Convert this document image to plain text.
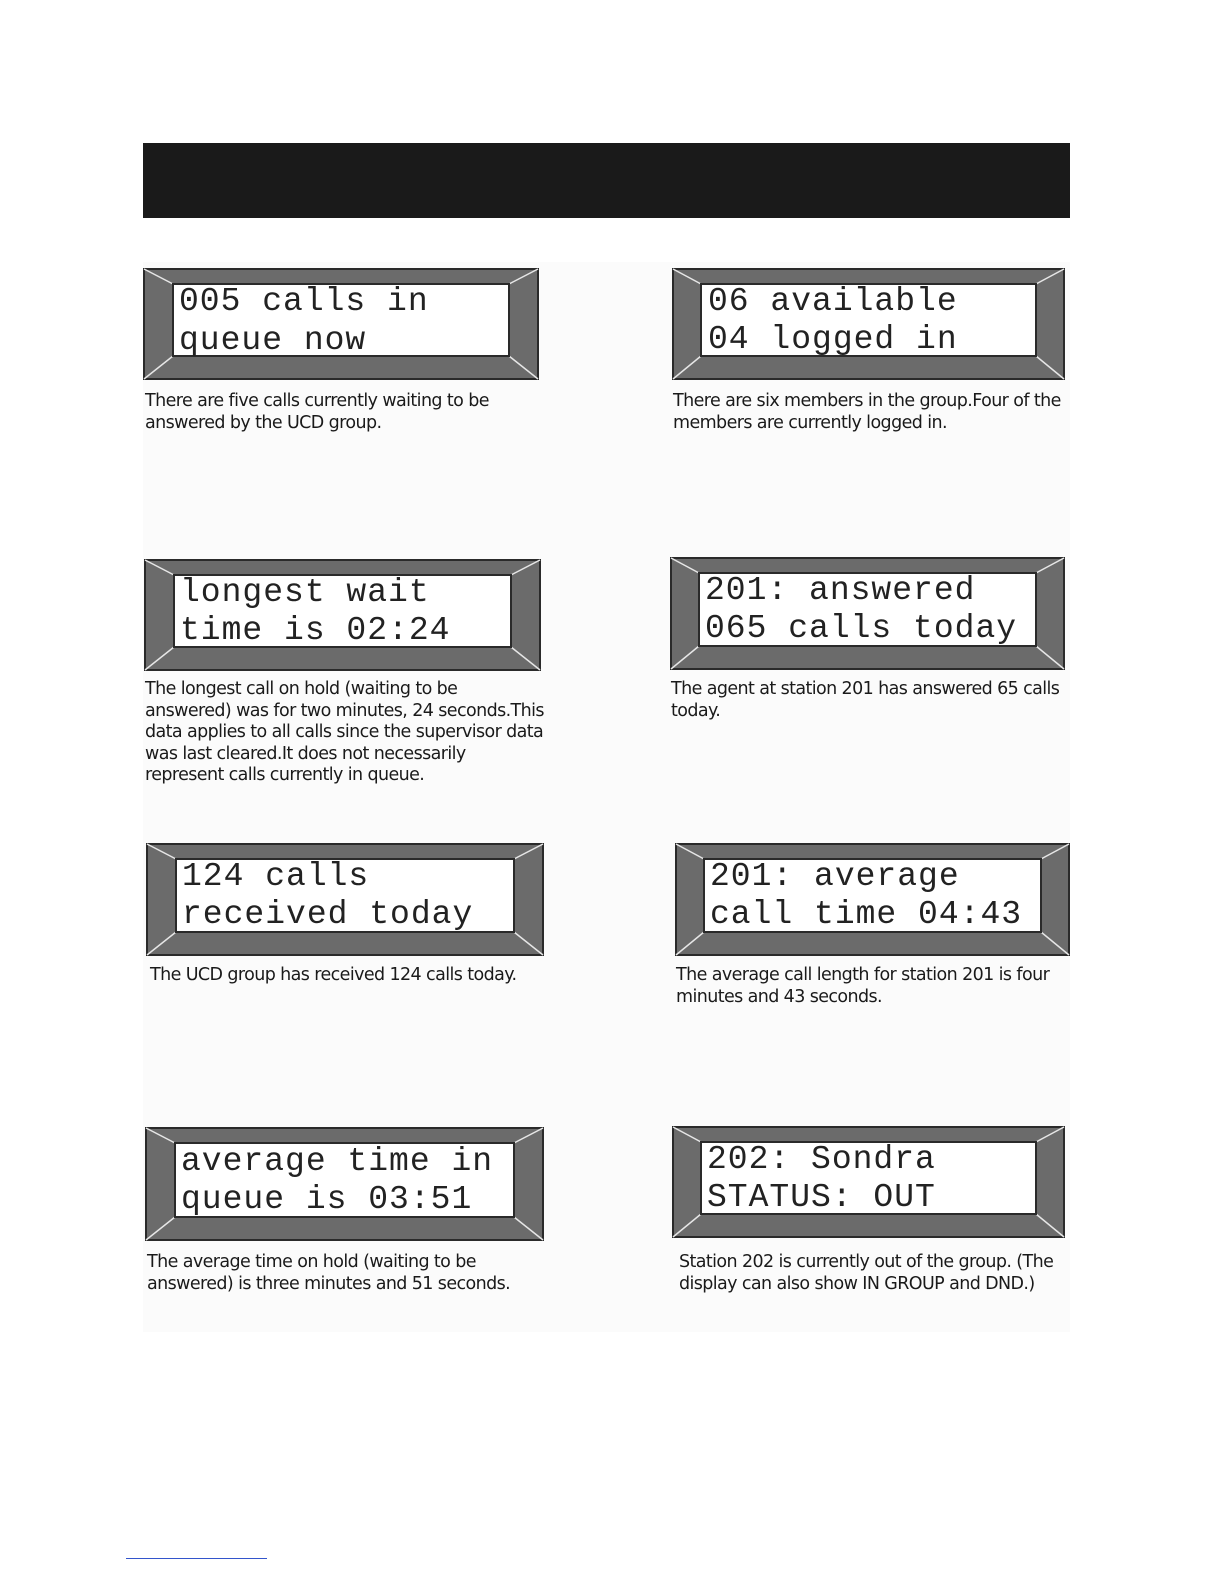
005 calls in
queue now

There are five calls currently waiting to be answered by the UCD group.

06 available
04 logged in

There are six members in the group.Four of the members are currently logged in.

longest wait
time is 02:24

The longest call on hold (waiting to be answered) was for two minutes, 24 seconds.This data applies to all calls since the supervisor data was last cleared.It does not necessarily represent calls currently in queue.

201: answered
065 calls today

The agent at station 201 has answered 65 calls today.

124 calls
received today

The UCD group has received 124 calls today.

201: average
call time 04:43

The average call length for station 201 is four minutes and 43 seconds.

average time in
queue is 03:51

The average time on hold (waiting to be answered) is three minutes and 51 seconds.

202: Sondra
STATUS: OUT

Station 202 is currently out of the group. (The display can also show IN GROUP and DND.)
